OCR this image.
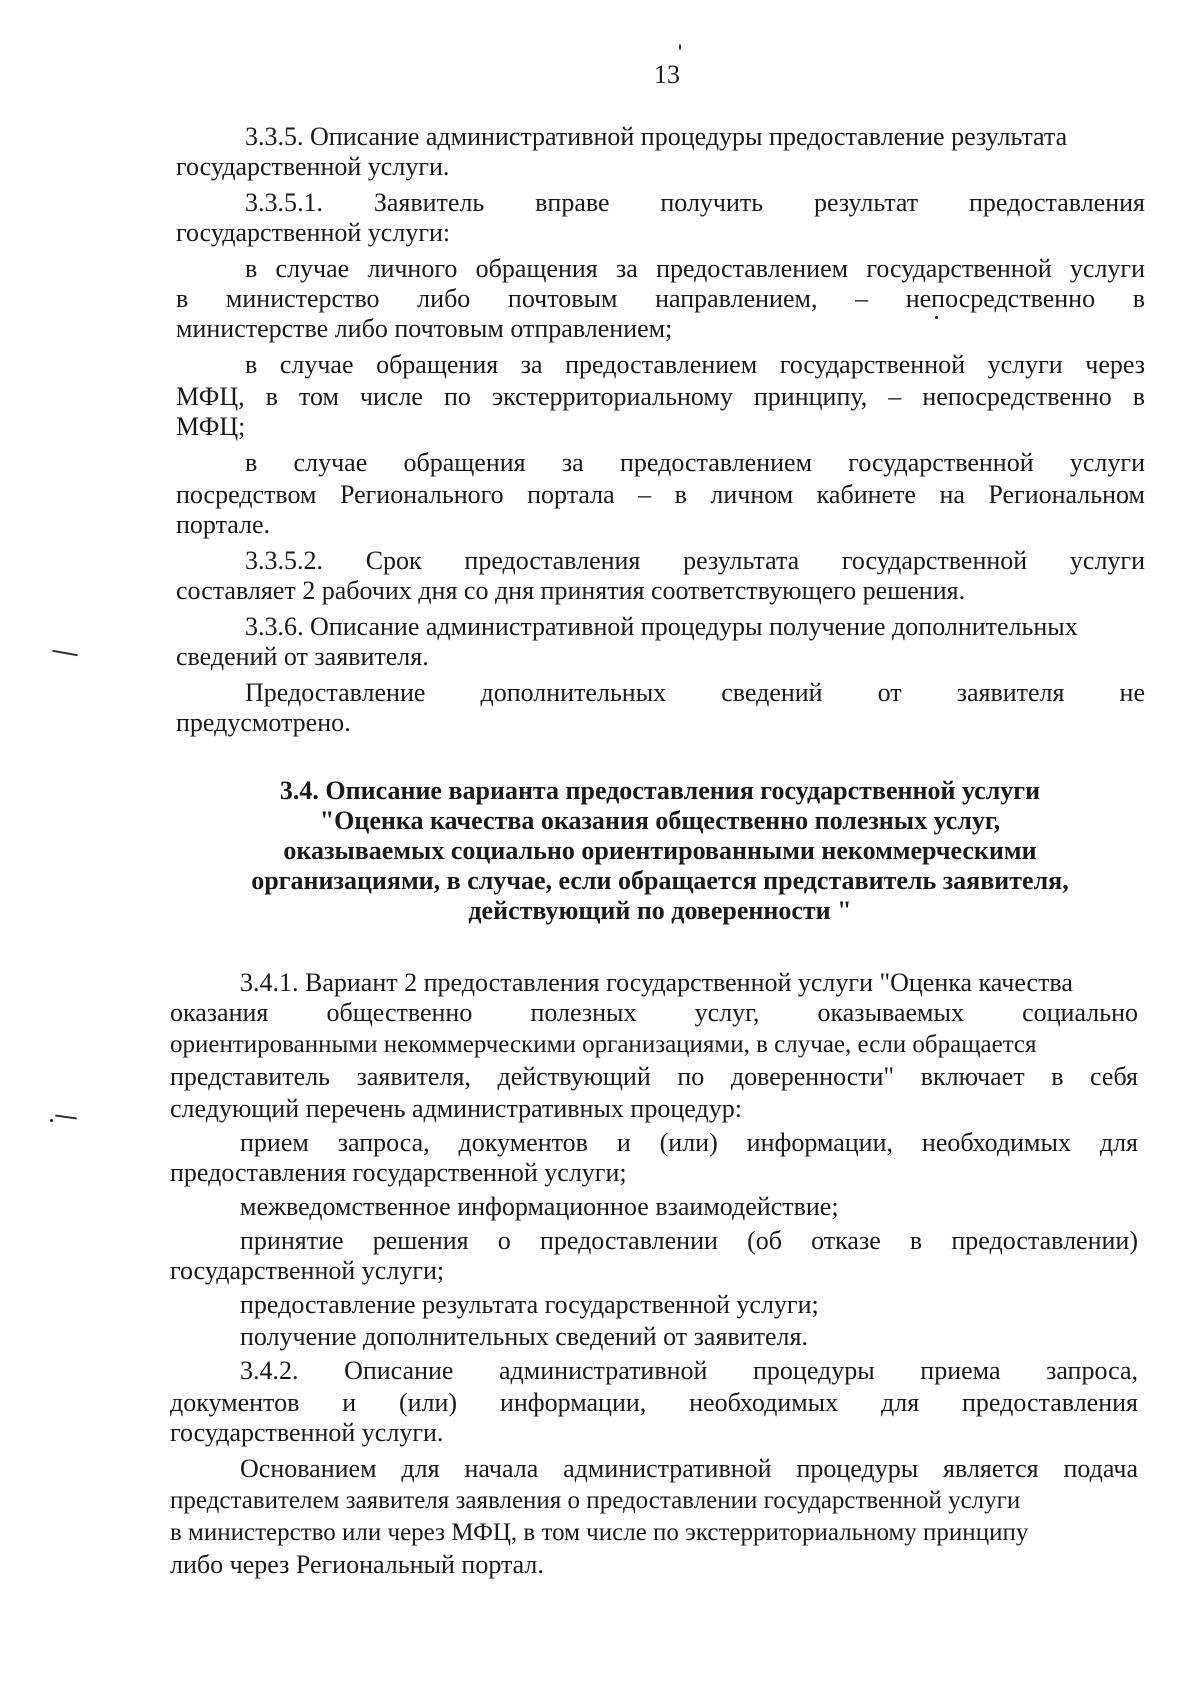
13
3.3.5. Описание административной процедуры предоставление результата
государственной услуги.
3.3.5.1. Заявитель вправе получить результат предоставления
государственной услуги:
в случае личного обращения за предоставлением государственной услуги
в министерство либо почтовым направлением, – непосредственно в
министерстве либо почтовым отправлением;
в случае обращения за предоставлением государственной услуги через
МФЦ, в том числе по экстерриториальному принципу, – непосредственно в
МФЦ;
в случае обращения за предоставлением государственной услуги
посредством Регионального портала – в личном кабинете на Региональном
портале.
3.3.5.2. Срок предоставления результата государственной услуги
составляет 2 рабочих дня со дня принятия соответствующего решения.
3.3.6. Описание административной процедуры получение дополнительных
сведений от заявителя.
Предоставление дополнительных сведений от заявителя не
предусмотрено.
3.4. Описание варианта предоставления государственной услуги
"Оценка качества оказания общественно полезных услуг,
оказываемых социально ориентированными некоммерческими
организациями, в случае, если обращается представитель заявителя,
действующий по доверенности "
3.4.1. Вариант 2 предоставления государственной услуги "Оценка качества
оказания общественно полезных услуг, оказываемых социально
ориентированными некоммерческими организациями, в случае, если обращается
представитель заявителя, действующий по доверенности" включает в себя
следующий перечень административных процедур:
прием запроса, документов и (или) информации, необходимых для
предоставления государственной услуги;
межведомственное информационное взаимодействие;
принятие решения о предоставлении (об отказе в предоставлении)
государственной услуги;
предоставление результата государственной услуги;
получение дополнительных сведений от заявителя.
3.4.2. Описание административной процедуры приема запроса,
документов и (или) информации, необходимых для предоставления
государственной услуги.
Основанием для начала административной процедуры является подача
представителем заявителя заявления о предоставлении государственной услуги
в министерство или через МФЦ, в том числе по экстерриториальному принципу
либо через Региональный портал.
